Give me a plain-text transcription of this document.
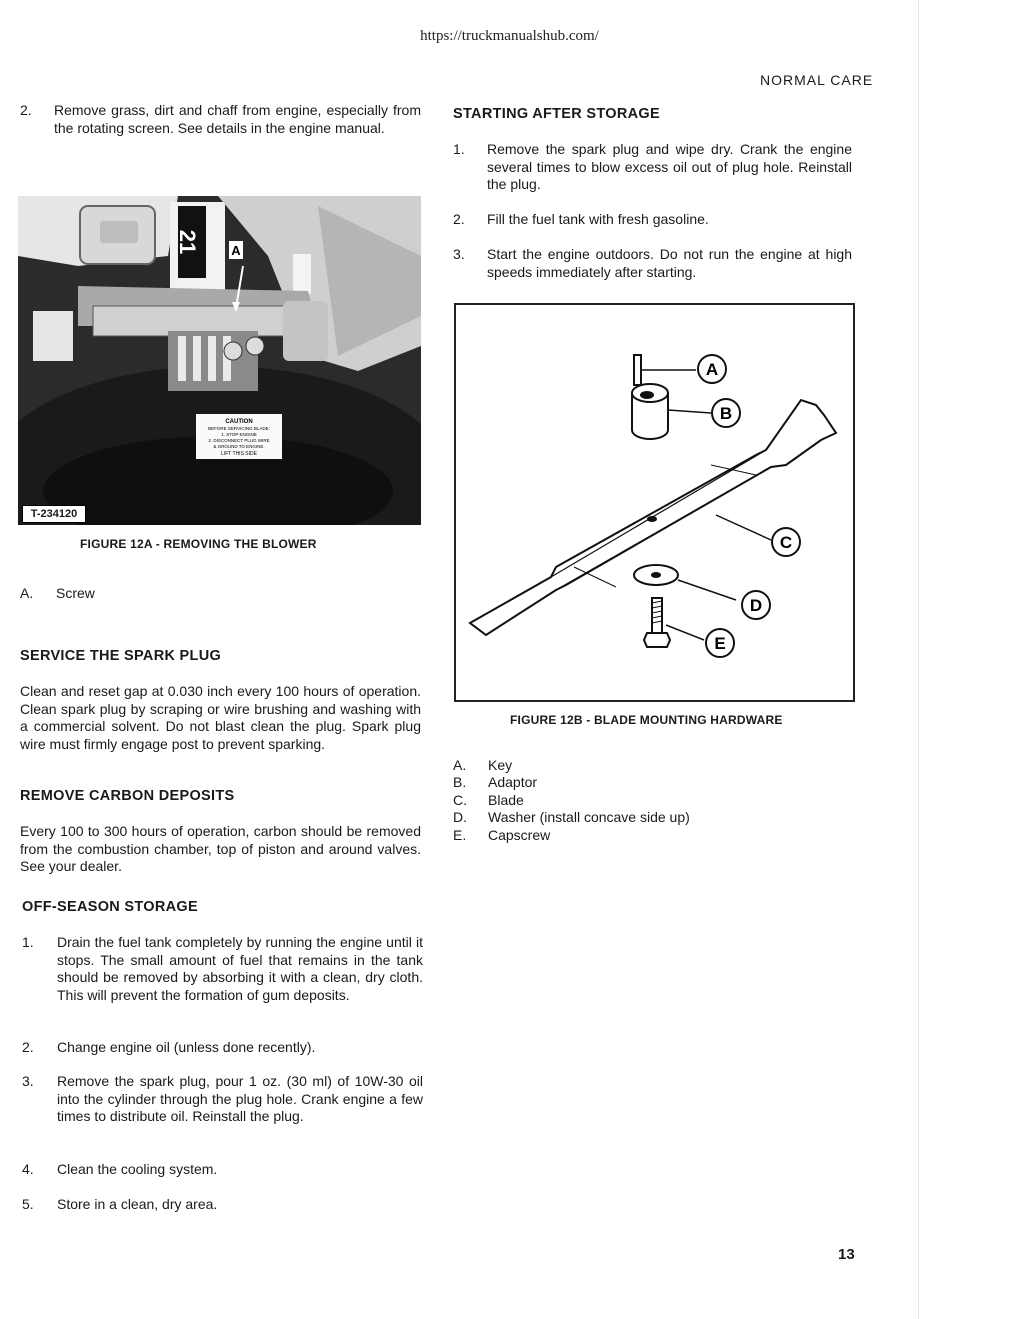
https://truckmanualshub.com/
NORMAL CARE
2. Remove grass, dirt and chaff from engine, especially from the rotating screen. See details in the engine manual.
21 A
CAUTION
BEFORE SERVICING BLADE:
1. STOP ENGINE
2. DISCONNECT PLUG WIRE
& GROUND TO ENGINE.
LIFT THIS SIDE
T-234120
FIGURE 12A - REMOVING THE BLOWER
A. Screw
SERVICE THE SPARK PLUG
Clean and reset gap at 0.030 inch every 100 hours of operation. Clean spark plug by scraping or wire brushing and washing with a commercial solvent. Do not blast clean the plug. Spark plug wire must firmly engage post to prevent sparking.
REMOVE CARBON DEPOSITS
Every 100 to 300 hours of operation, carbon should be removed from the combustion chamber, top of piston and around valves. See your dealer.
OFF-SEASON STORAGE
1. Drain the fuel tank completely by running the engine until it stops. The small amount of fuel that remains in the tank should be removed by absorbing it with a clean, dry cloth. This will prevent the formation of gum deposits.
2. Change engine oil (unless done recently).
3. Remove the spark plug, pour 1 oz. (30 ml) of 10W-30 oil into the cylinder through the plug hole. Crank engine a few times to distribute oil. Reinstall the plug.
4. Clean the cooling system.
5. Store in a clean, dry area.
STARTING AFTER STORAGE
1. Remove the spark plug and wipe dry. Crank the engine several times to blow excess oil out of plug hole. Reinstall the plug.
2. Fill the fuel tank with fresh gasoline.
3. Start the engine outdoors. Do not run the engine at high speeds immediately after starting.
A
B
C
D
E
FIGURE 12B - BLADE MOUNTING HARDWARE
A. Key
B. Adaptor
C. Blade
D. Washer (install concave side up)
E. Capscrew
13
